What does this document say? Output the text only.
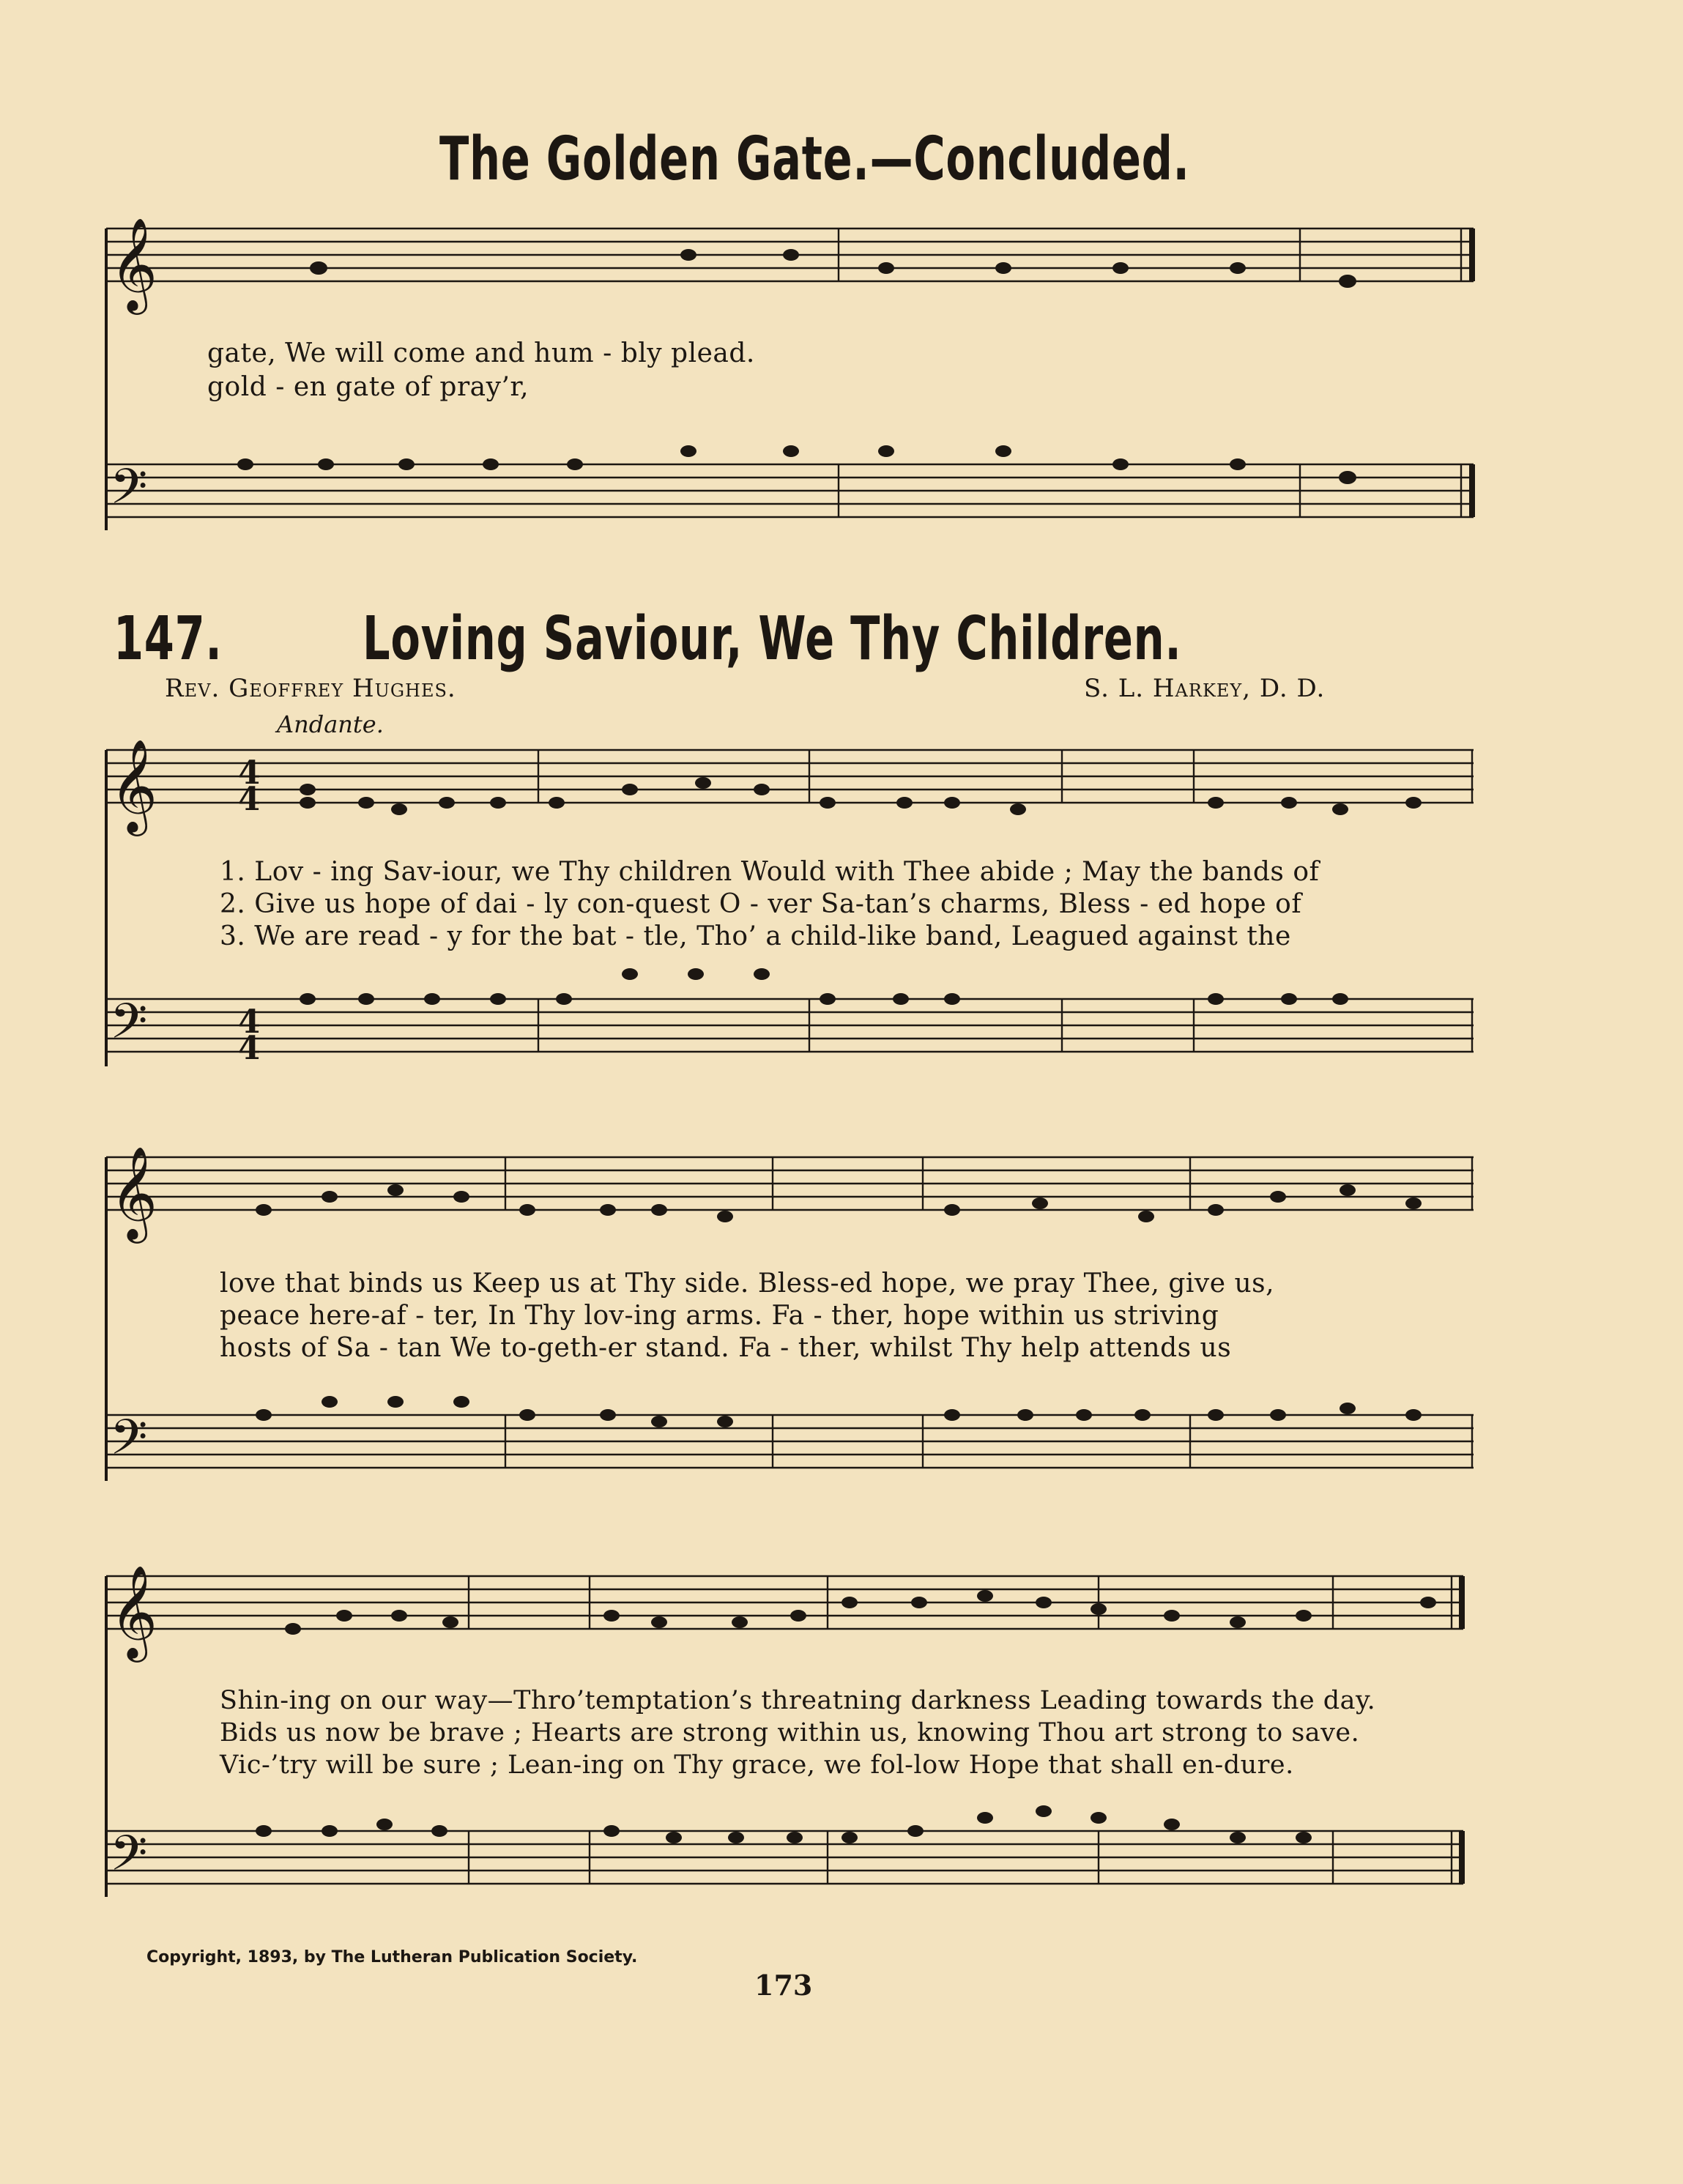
The Golden Gate.—Concluded.
𝄞
𝄢
𝄞
𝄢
𝄞
𝄢
𝄞
𝄢
4
4
4
4
gate, We will come and hum - bly plead.
gold - en gate of pray’r,
147. Loving Saviour, We Thy Children.
Rev. Geoffrey Hughes.	S. L. Harkey, D. D.
Andante.
1. Lov - ing Sav-iour, we Thy children Would with Thee abide ; May the bands of
2. Give us hope of dai - ly con-quest O - ver Sa-tan’s charms, Bless - ed hope of
3. We are read - y for the bat - tle, Tho’ a child-like band, Leagued against the
love that binds us Keep us at Thy side. Bless-ed hope, we pray Thee, give us,
peace here-af - ter, In Thy lov-ing arms. Fa - ther, hope within us striving
hosts of Sa - tan We to-geth-er stand. Fa - ther, whilst Thy help attends us
Shin-ing on our way—Thro’temptation’s threatning darkness Leading towards the day.
Bids us now be brave ; Hearts are strong within us, knowing Thou art strong to save.
Vic-’try will be sure ; Lean-ing on Thy grace, we fol-low Hope that shall en-dure.
Copyright, 1893, by The Lutheran Publication Society.
173
